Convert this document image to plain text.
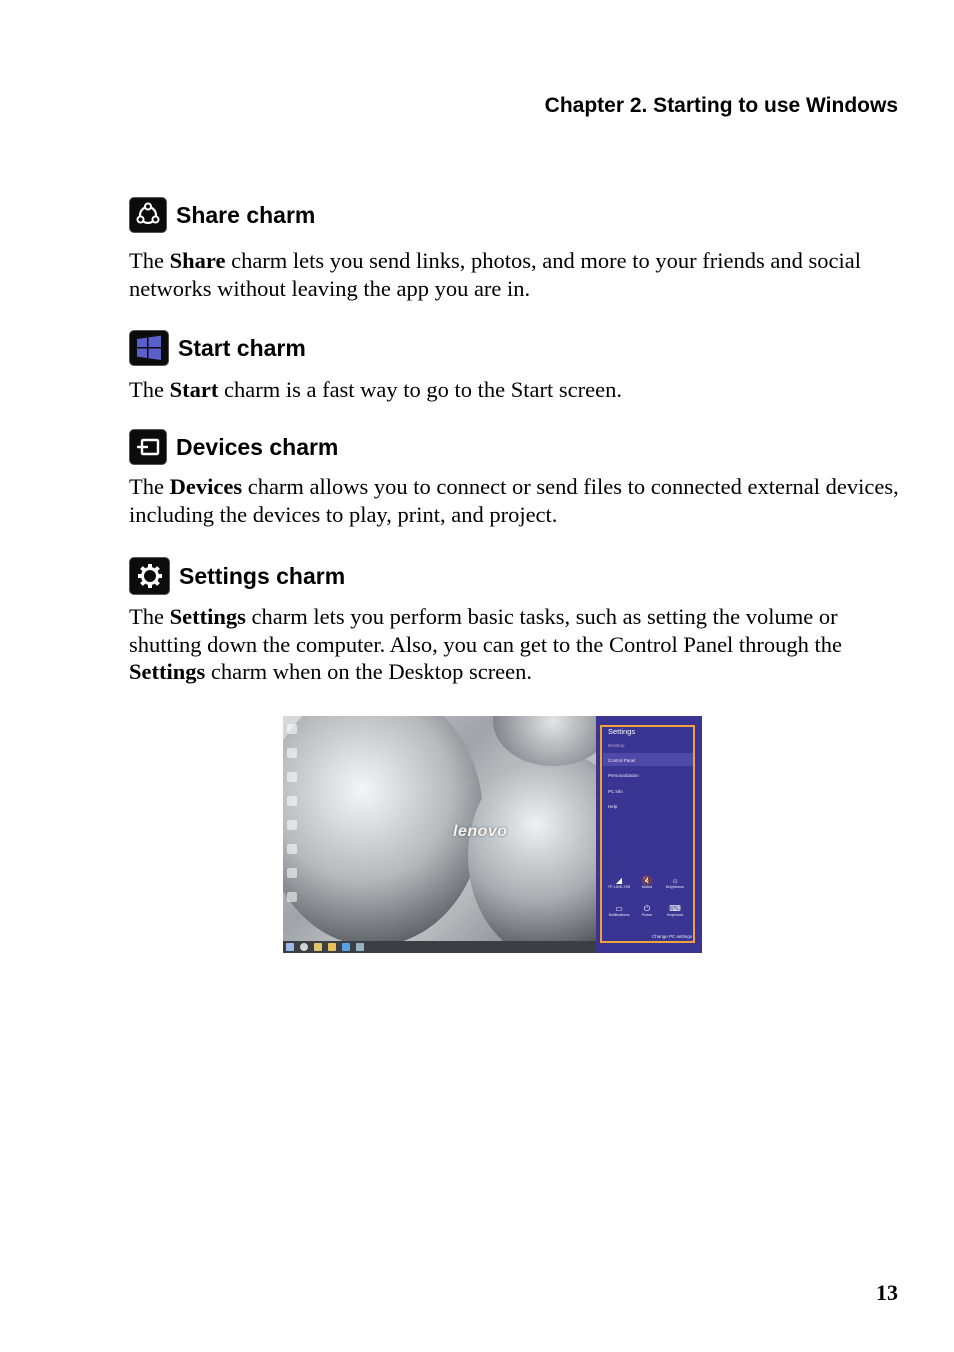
Chapter 2. Starting to use Windows
Share charm
The Share charm lets you send links, photos, and more to your friends and social networks without leaving the app you are in.
Start charm
The Start charm is a fast way to go to the Start screen.
Devices charm
The Devices charm allows you to connect or send files to connected external devices, including the devices to play, print, and project.
Settings charm
The Settings charm lets you perform basic tasks, such as setting the volume or shutting down the computer. Also, you can get to the Control Panel through the Settings charm when on the Desktop screen.
lenovo
Settings
Desktop
Control Panel
Personalization
PC info
Help
◢
TP-LINK-Y55
🔇
Muted
☼
Brightness
▭
Notifications
⏻
Power
⌨
Keyboard
Change PC settings
13
